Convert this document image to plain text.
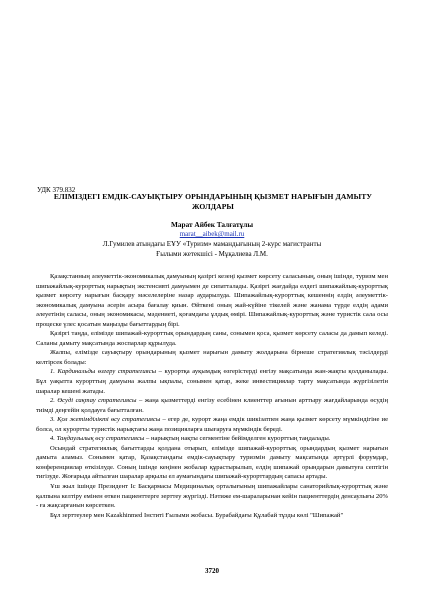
УДК 379.832
ЕЛІМІЗДЕГІ ЕМДІК-САУЫҚТЫРУ ОРЫНДАРЫНЫҢ ҚЫЗМЕТ НАРЫҒЫН ДАМЫТУ ЖОЛДАРЫ
Марат Айбек Талғатұлы
marat__aibek@mail.ru
Л.Гумилев атындағы ЕҰУ «Туризм» мамандығының 2-курс магистранты
Ғылыми жетекшісі - Мұқалиева Л.М.

Қазақстанның әлеуметтік-экономикалық дамуының қазіргі кезеңі қызмет көрсету саласының, оның ішінде, туризм мен шипажайлық-курорттық нарықтың экстенсивті дамуымен де сипатталады. Қазіргі жағдайда елдегі шипажайлық-курорттық қызмет көрсету нарығын басқару мәселелеріне назар аударылуда. Шипажайлық-курорттық кешеннің елдің әлеуметтік-экономикалық дамуына әсерін асыра бағалау қиын. Өйткені оның жай-күйіне тікелей және жанама түрде елдің адами әлеуетінің саласы, оның экономикасы, мәдениеті, қоғамдағы ұлдық өмірі. Шипажайлық-курорттық және туристік сала осы процеске үлес қосатын маңызды бағыттардың бірі.

Қазіргі таңда, елімізде шипажай-курорттық орындардың саны, сонымен қоса, қызмет көрсету саласы да дамып келеді. Саланы дамыту мақсатында жоспарлар құрылуда.

Жалпы, елімізде сауықтыру орындарының қызмет нарығын дамыту жолдарына бірнеше стратегиялық тәсілдерді келтірсек болады:

1. Кардинальды өзгеру стратегиясы – курортқа ауқымдық өзгерістерді енгізу мақсатында жан-жақты қолданылады. Бұл уақытта курорттың дамуына жалпы ықпалы, сонымен қатар, жеке инвестициялар тарту мақсатында жүргізілетін шаралар кешені жатады.

2. Өсуді сақтау стратегиясы – жаңа қызметтерді енгізу есебінен клиенттер ағынын арттыру жағдайларында өсудің тиімді деңгейін қолдауға бағытталған.

3. Қол жетімділікті өсу стратегиясы – егер де, курорт жаңа емдік шикізатпен жаңа қызмет көрсету мүмкіндігіне ие болса, ол курортты туристік нарықтағы жаңа позицияларға шығаруға мүмкіндік береді.

4. Таңдаулылық өсу стратегиясы – нарықтың нақты сегментіне бейімделген курорттың таңдалады.

Осындай стратегиялық бағыттарды қолдана отырып, елімізде шипажай-курорттық орындардың қызмет нарығын дамыта аламыз. Сонымен қатар, Қазақстандағы емдік-сауықтыру туризмін дамыту мақсатында әртүрлі форумдар, конференциялар өткізілуде. Соның ішінде кеңінен жобалар құрастырылып, елдің шипажай орындарын дамытуға септігін тигізуде. Жоғарыда айтылған шаралар арқылы ел аумағындағы шипажай-курорттардың сапасы артады.

Ұш жыл ішінде Президент Іс Басқармасы Медициналық орталығының шипажайлары санаторийлық-курорттық және қалпына келтіру емінен өткен пациенттерге зерттеу жүргізді. Нәтиже ем-шараларынан кейін пациенттердің денсаулығы 20% - ға жақсарғанын көрсеткен.

Бұл зерттеулер мен Kazakhinmed Інститі Ғылыми жобасы. Бурабайдағы Құлабай тұзды көлі "Шипажай"

3720
